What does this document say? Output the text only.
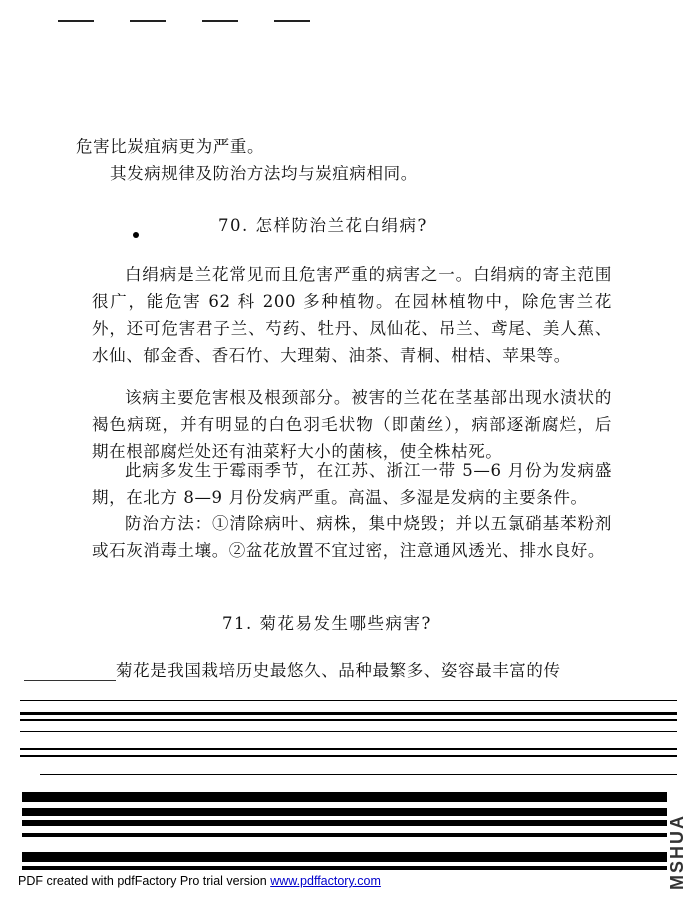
危害比炭疽病更为严重。

其发病规律及防治方法均与炭疽病相同。

70. 怎样防治兰花白绢病?

白绢病是兰花常见而且危害严重的病害之一。白绢病的寄主范围很广，能危害 62 科 200 多种植物。在园林植物中，除危害兰花外，还可危害君子兰、芍药、牡丹、凤仙花、吊兰、鸢尾、美人蕉、水仙、郁金香、香石竹、大理菊、油茶、青桐、柑桔、苹果等。

该病主要危害根及根颈部分。被害的兰花在茎基部出现水渍状的褐色病斑，并有明显的白色羽毛状物（即菌丝），病部逐渐腐烂，后期在根部腐烂处还有油菜籽大小的菌核，使全株枯死。

此病多发生于霉雨季节，在江苏、浙江一带 5—6 月份为发病盛期，在北方 8—9 月份发病严重。高温、多湿是发病的主要条件。

防治方法：①清除病叶、病株，集中烧毁；并以五氯硝基苯粉剂或石灰消毒土壤。②盆花放置不宜过密，注意通风透光、排水良好。

71. 菊花易发生哪些病害?

菊花是我国栽培历史最悠久、品种最繁多、姿容最丰富的传

PDF created with pdfFactory Pro trial version www.pdffactory.com	MSHUA
